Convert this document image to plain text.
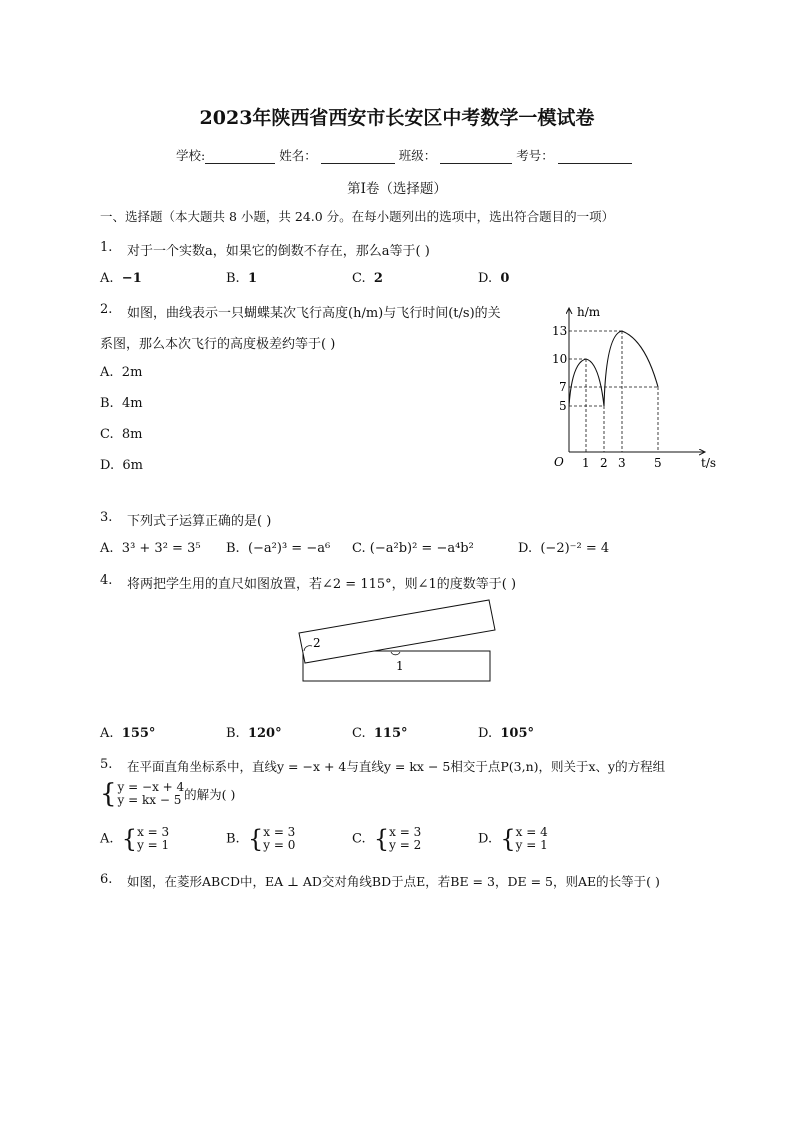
2023年陕西省西安市长安区中考数学一模试卷
学校:	姓名：	班级：	考号：
第I卷（选择题）
一、选择题（本大题共 8 小题，共 24.0 分。在每小题列出的选项中，选出符合题目的一项）
1. 对于一个实数a，如果它的倒数不存在，那么a等于( )
A. −1	B. 1	C. 2	D. 0
2. 如图，曲线表示一只蝴蝶某次飞行高度(h/m)与飞行时间(t/s)的关
系图，那么本次飞行的高度极差约等于( )
A. 2m
B. 4m
C. 8m
D. 6m
h/m
t/s
O
13
10
7
5
1 2 3 5
3. 下列式子运算正确的是( )
A. 3³ + 3² = 3⁵ B. (−a²)³ = −a⁶ C. (−a²b)² = −a⁴b²	D. (−2)⁻² = 4
4. 将两把学生用的直尺如图放置，若∠2 = 115°，则∠1的度数等于( )
2
1
A. 155°	B. 120°	C. 115°	D. 105°
5. 在平面直角坐标系中，直线y = −x + 4与直线y = kx − 5相交于点P(3,n)，则关于x、y的方程组
{y = −x + 4
y = kx − 5 的解为( )
A. {x = 3
y = 1	B. {x = 3
y = 0	C. {x = 3
y = 2	D. {x = 4
y = 1
6. 如图，在菱形ABCD中，EA ⊥ AD交对角线BD于点E，若BE = 3，DE = 5，则AE的长等于( )
